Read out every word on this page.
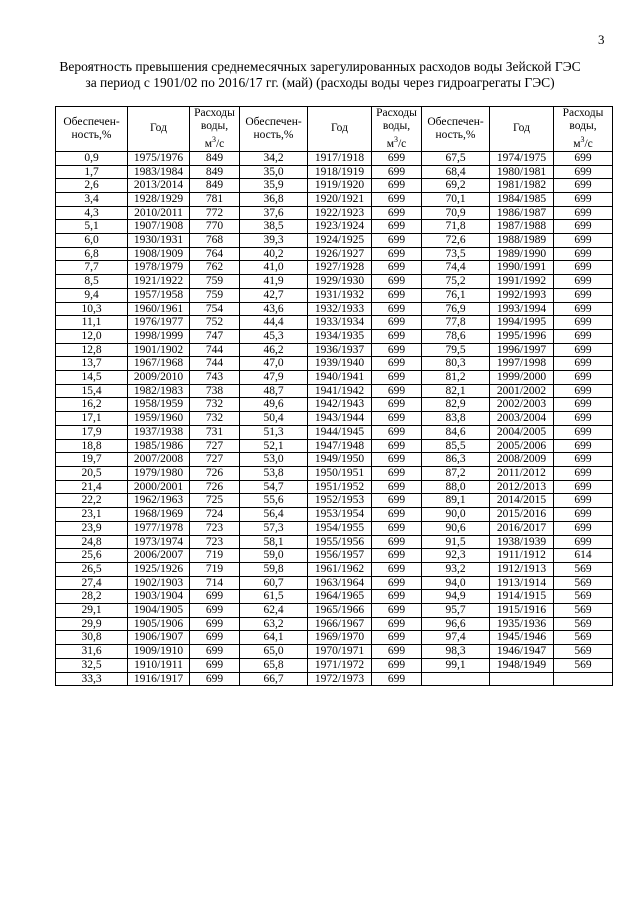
3
Вероятность превышения среднемесячных зарегулированных расходов воды Зейской ГЭС
за период с 1901/02 по 2016/17 гг. (май) (расходы воды через гидроагрегаты ГЭС)
Обеспечен-
ность,%	Год	Расходы
воды,
$м^3/с$	Обеспечен-
ность,%	Год	Расходы
воды,
$м^3/с$	Обеспечен-
ность,%	Год	Расходы
воды,
$м^3/с$
0,9	1975/1976	849	34,2	1917/1918	699	67,5	1974/1975	699
1,7	1983/1984	849	35,0	1918/1919	699	68,4	1980/1981	699
2,6	2013/2014	849	35,9	1919/1920	699	69,2	1981/1982	699
3,4	1928/1929	781	36,8	1920/1921	699	70,1	1984/1985	699
4,3	2010/2011	772	37,6	1922/1923	699	70,9	1986/1987	699
5,1	1907/1908	770	38,5	1923/1924	699	71,8	1987/1988	699
6,0	1930/1931	768	39,3	1924/1925	699	72,6	1988/1989	699
6,8	1908/1909	764	40,2	1926/1927	699	73,5	1989/1990	699
7,7	1978/1979	762	41,0	1927/1928	699	74,4	1990/1991	699
8,5	1921/1922	759	41,9	1929/1930	699	75,2	1991/1992	699
9,4	1957/1958	759	42,7	1931/1932	699	76,1	1992/1993	699
10,3	1960/1961	754	43,6	1932/1933	699	76,9	1993/1994	699
11,1	1976/1977	752	44,4	1933/1934	699	77,8	1994/1995	699
12,0	1998/1999	747	45,3	1934/1935	699	78,6	1995/1996	699
12,8	1901/1902	744	46,2	1936/1937	699	79,5	1996/1997	699
13,7	1967/1968	744	47,0	1939/1940	699	80,3	1997/1998	699
14,5	2009/2010	743	47,9	1940/1941	699	81,2	1999/2000	699
15,4	1982/1983	738	48,7	1941/1942	699	82,1	2001/2002	699
16,2	1958/1959	732	49,6	1942/1943	699	82,9	2002/2003	699
17,1	1959/1960	732	50,4	1943/1944	699	83,8	2003/2004	699
17,9	1937/1938	731	51,3	1944/1945	699	84,6	2004/2005	699
18,8	1985/1986	727	52,1	1947/1948	699	85,5	2005/2006	699
19,7	2007/2008	727	53,0	1949/1950	699	86,3	2008/2009	699
20,5	1979/1980	726	53,8	1950/1951	699	87,2	2011/2012	699
21,4	2000/2001	726	54,7	1951/1952	699	88,0	2012/2013	699
22,2	1962/1963	725	55,6	1952/1953	699	89,1	2014/2015	699
23,1	1968/1969	724	56,4	1953/1954	699	90,0	2015/2016	699
23,9	1977/1978	723	57,3	1954/1955	699	90,6	2016/2017	699
24,8	1973/1974	723	58,1	1955/1956	699	91,5	1938/1939	699
25,6	2006/2007	719	59,0	1956/1957	699	92,3	1911/1912	614
26,5	1925/1926	719	59,8	1961/1962	699	93,2	1912/1913	569
27,4	1902/1903	714	60,7	1963/1964	699	94,0	1913/1914	569
28,2	1903/1904	699	61,5	1964/1965	699	94,9	1914/1915	569
29,1	1904/1905	699	62,4	1965/1966	699	95,7	1915/1916	569
29,9	1905/1906	699	63,2	1966/1967	699	96,6	1935/1936	569
30,8	1906/1907	699	64,1	1969/1970	699	97,4	1945/1946	569
31,6	1909/1910	699	65,0	1970/1971	699	98,3	1946/1947	569
32,5	1910/1911	699	65,8	1971/1972	699	99,1	1948/1949	569
33,3	1916/1917	699	66,7	1972/1973	699			
